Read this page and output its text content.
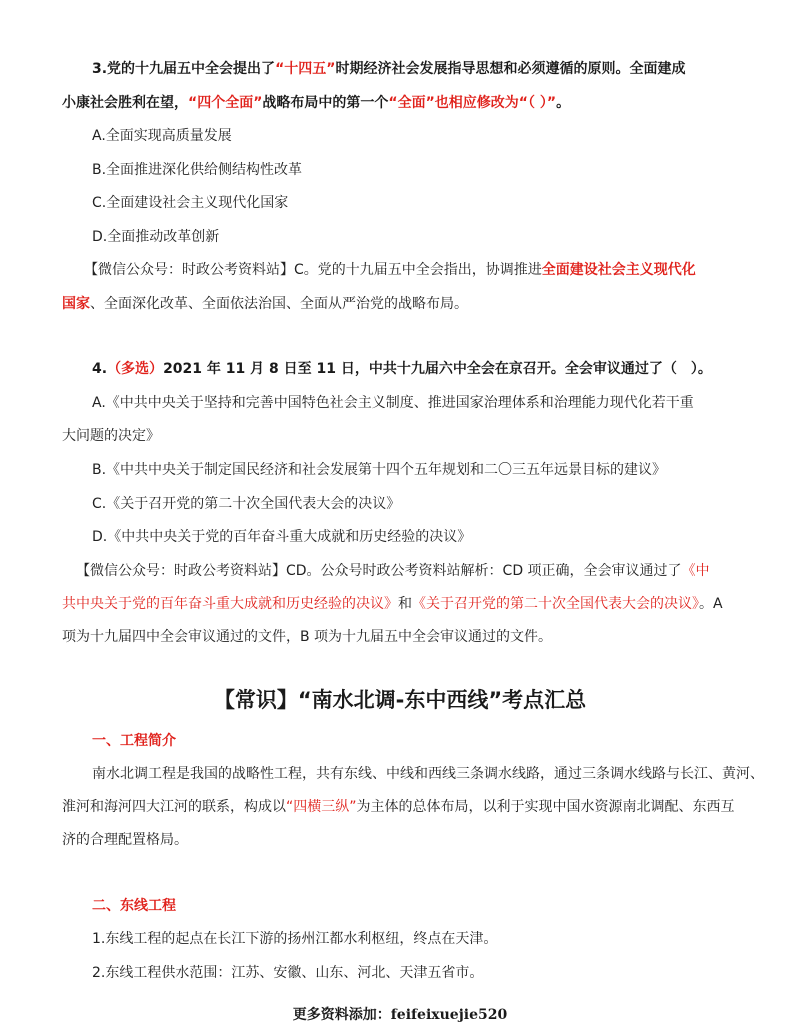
3.党的十九届五中全会提出了“十四五”时期经济社会发展指导思想和必须遵循的原则。全面建成
小康社会胜利在望，“四个全面”战略布局中的第一个“全面”也相应修改为“（ ）”。
A.全面实现高质量发展
B.全面推进深化供给侧结构性改革
C.全面建设社会主义现代化国家
D.全面推动改革创新
【微信公众号：时政公考资料站】C。党的十九届五中全会指出，协调推进全面建设社会主义现代化
国家、全面深化改革、全面依法治国、全面从严治党的战略布局。
4.（多选）2021 年 11 月 8 日至 11 日，中共十九届六中全会在京召开。全会审议通过了（　）。
A.《中共中央关于坚持和完善中国特色社会主义制度、推进国家治理体系和治理能力现代化若干重
大问题的决定》
B.《中共中央关于制定国民经济和社会发展第十四个五年规划和二〇三五年远景目标的建议》
C.《关于召开党的第二十次全国代表大会的决议》
D.《中共中央关于党的百年奋斗重大成就和历史经验的决议》
【微信公众号：时政公考资料站】CD。公众号时政公考资料站解析：CD 项正确，全会审议通过了《中
共中央关于党的百年奋斗重大成就和历史经验的决议》和《关于召开党的第二十次全国代表大会的决议》。A
项为十九届四中全会审议通过的文件，B 项为十九届五中全会审议通过的文件。
【常识】“南水北调-东中西线”考点汇总
一、工程简介
南水北调工程是我国的战略性工程，共有东线、中线和西线三条调水线路，通过三条调水线路与长江、黄河、
淮河和海河四大江河的联系，构成以“四横三纵”为主体的总体布局，以利于实现中国水资源南北调配、东西互
济的合理配置格局。
二、东线工程
1.东线工程的起点在长江下游的扬州江都水利枢纽，终点在天津。
2.东线工程供水范围：江苏、安徽、山东、河北、天津五省市。
更多资料添加：feifeixuejie520
